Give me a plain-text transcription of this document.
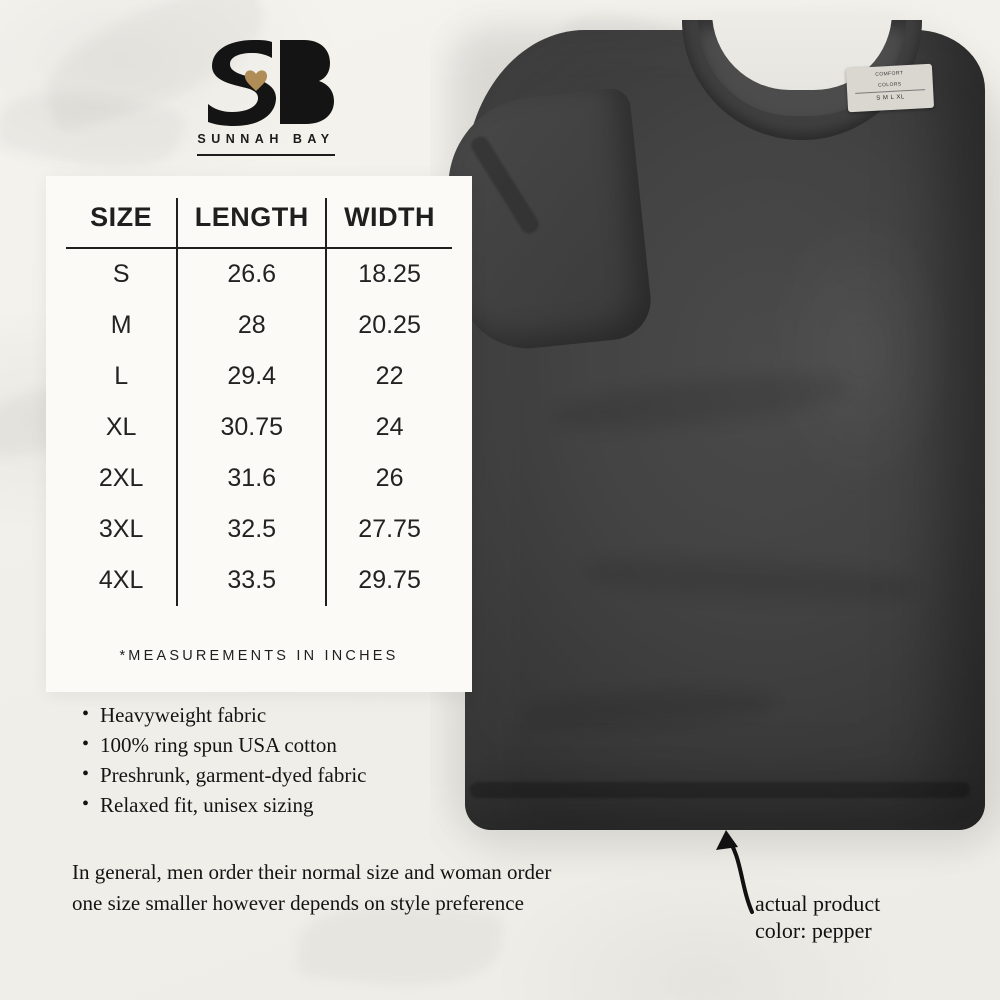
COMFORT
COLORS
S M L XL
SUNNAH BAY
SIZE	LENGTH	WIDTH
S	26.6	18.25
M	28	20.25
L	29.4	22
XL	30.75	24
2XL	31.6	26
3XL	32.5	27.75
4XL	33.5	29.75
*MEASUREMENTS IN INCHES
• Heavyweight fabric
• 100% ring spun USA cotton
• Preshrunk, garment-dyed fabric
• Relaxed fit, unisex sizing
In general, men order their normal size and woman order one size smaller however depends on style preference	actual product
color: pepper
